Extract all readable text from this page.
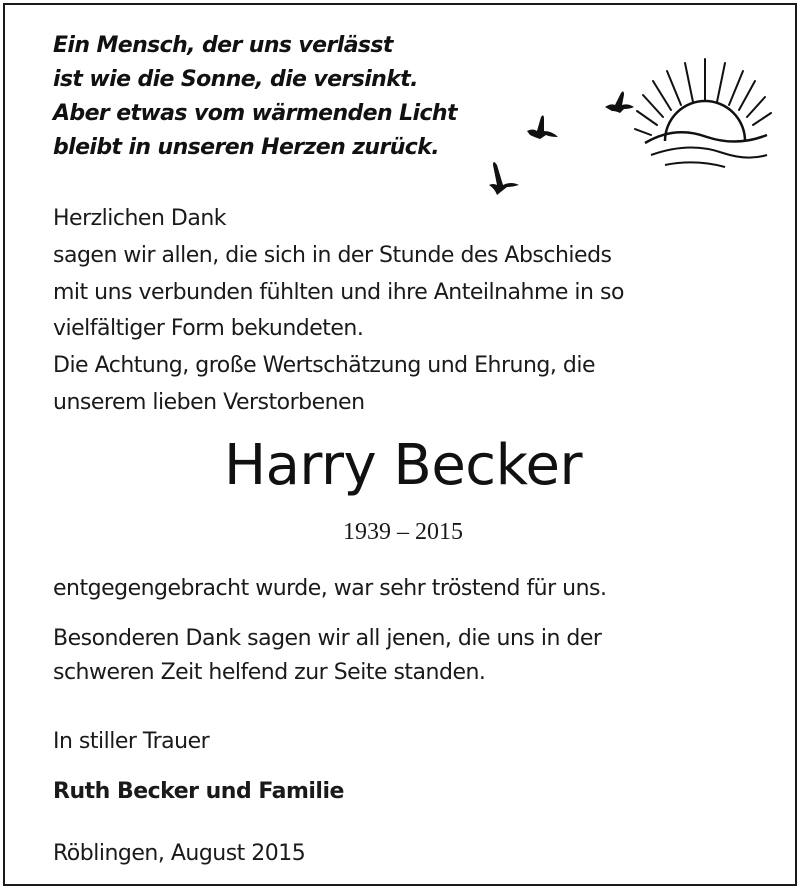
Ein Mensch, der uns verlässt
ist wie die Sonne, die versinkt.
Aber etwas vom wärmenden Licht
bleibt in unseren Herzen zurück.
Herzlichen Dank
sagen wir allen, die sich in der Stunde des Abschieds
mit uns verbunden fühlten und ihre Anteilnahme in so
vielfältiger Form bekundeten.
Die Achtung, große Wertschätzung und Ehrung, die
unserem lieben Verstorbenen
Harry Becker
1939 – 2015
entgegengebracht wurde, war sehr tröstend für uns.
Besonderen Dank sagen wir all jenen, die uns in der
schweren Zeit helfend zur Seite standen.
In stiller Trauer
Ruth Becker und Familie
Röblingen, August 2015
